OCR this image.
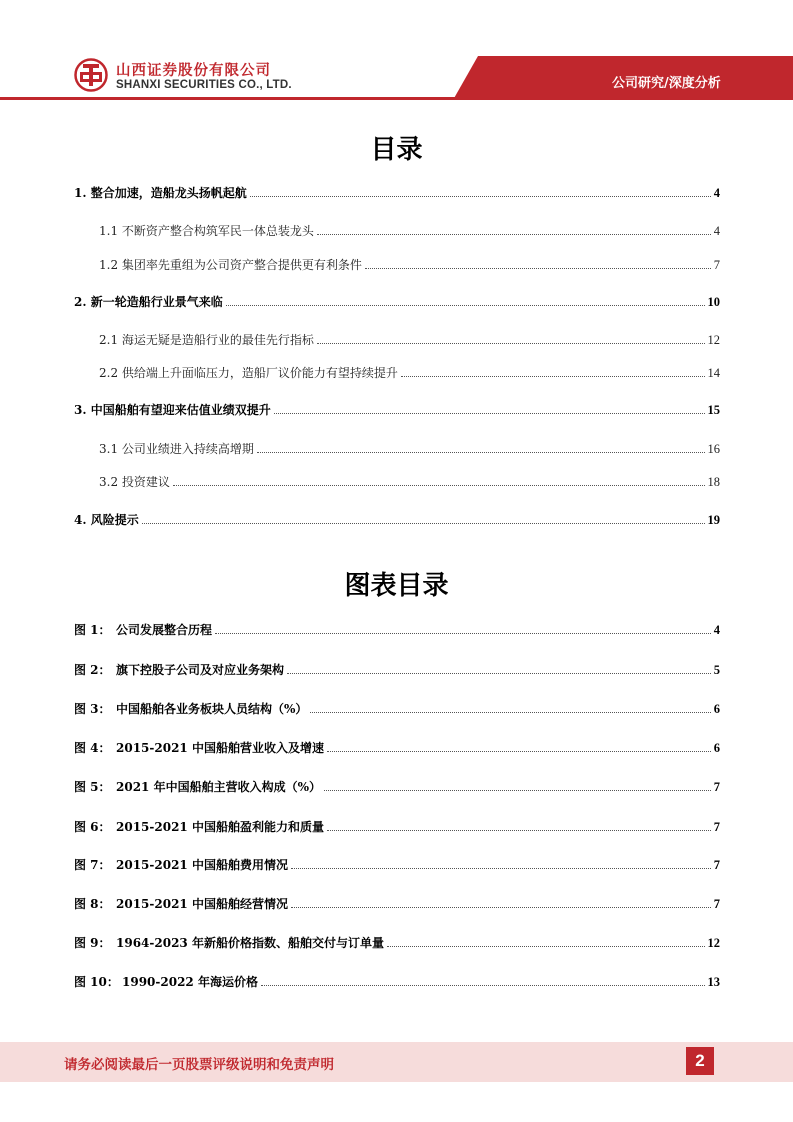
山西证券股份有限公司
SHANXI SECURITIES CO., LTD.	公司研究/深度分析
目录
1. 整合加速，造船龙头扬帆起航	4
1.1 不断资产整合构筑军民一体总装龙头	4
1.2 集团率先重组为公司资产整合提供更有利条件	7
2. 新一轮造船行业景气来临	10
2.1 海运无疑是造船行业的最佳先行指标	12
2.2 供给端上升面临压力，造船厂议价能力有望持续提升	14
3. 中国船舶有望迎来估值业绩双提升	15
3.1 公司业绩进入持续高增期	16
3.2 投资建议	18
4. 风险提示	19
图表目录
图 1： 公司发展整合历程	4
图 2： 旗下控股子公司及对应业务架构	5
图 3： 中国船舶各业务板块人员结构（%）	6
图 4： 2015-2021 中国船舶营业收入及增速	6
图 5： 2021 年中国船舶主营收入构成（%）	7
图 6： 2015-2021 中国船舶盈利能力和质量	7
图 7： 2015-2021 中国船舶费用情况	7
图 8： 2015-2021 中国船舶经营情况	7
图 9： 1964-2023 年新船价格指数、船舶交付与订单量	12
图 10： 1990-2022 年海运价格	13
请务必阅读最后一页股票评级说明和免责声明	2
